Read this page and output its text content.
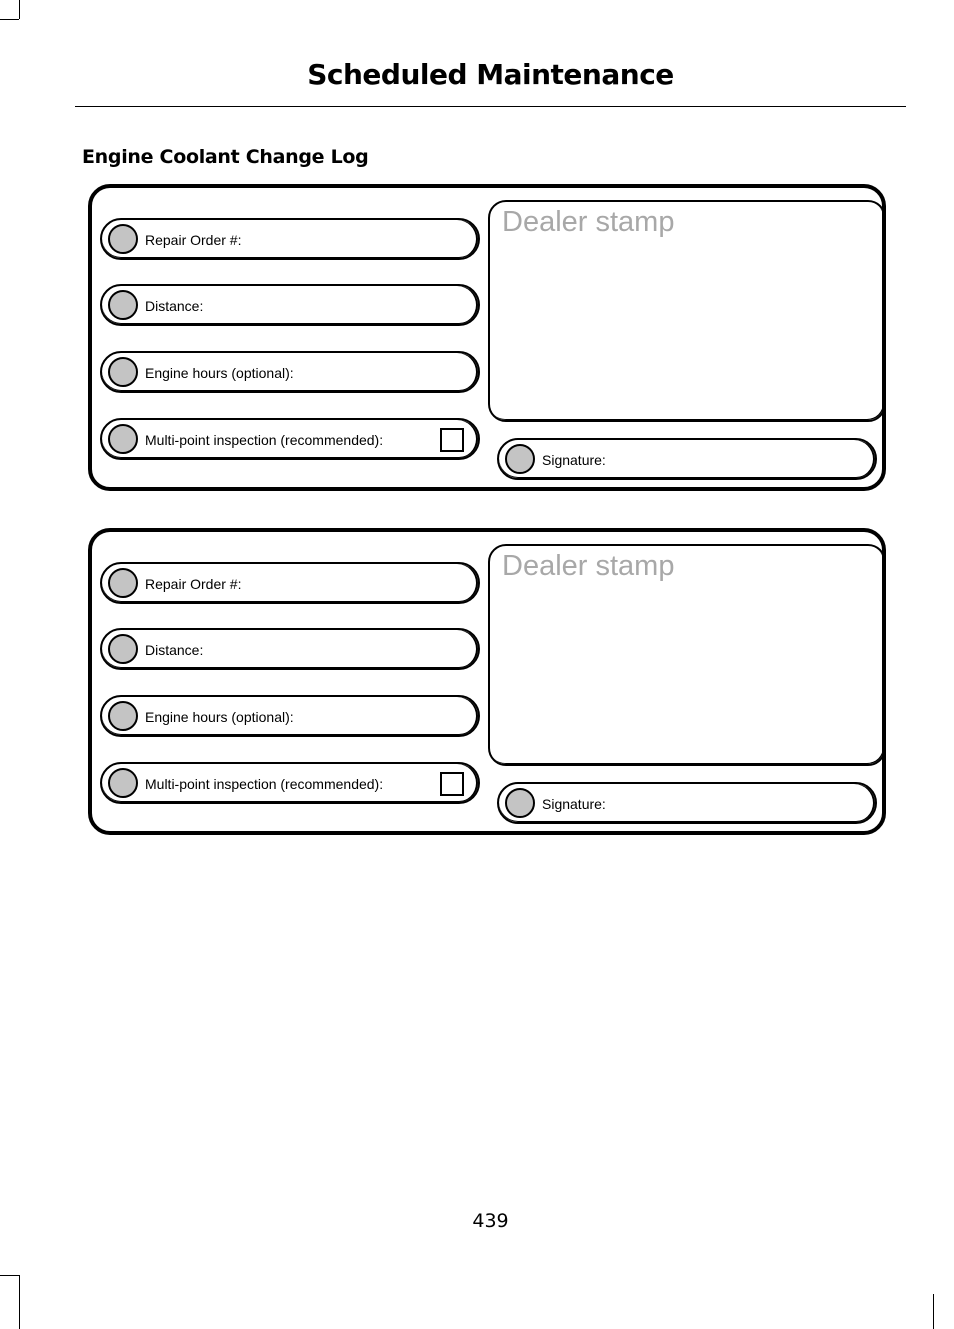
Scheduled Maintenance
Engine Coolant Change Log
Repair Order #:
Distance:
Engine hours (optional):
Multi-point inspection (recommended):
Dealer stamp
Signature:
Repair Order #:
Distance:
Engine hours (optional):
Multi-point inspection (recommended):
Dealer stamp
Signature:
439
